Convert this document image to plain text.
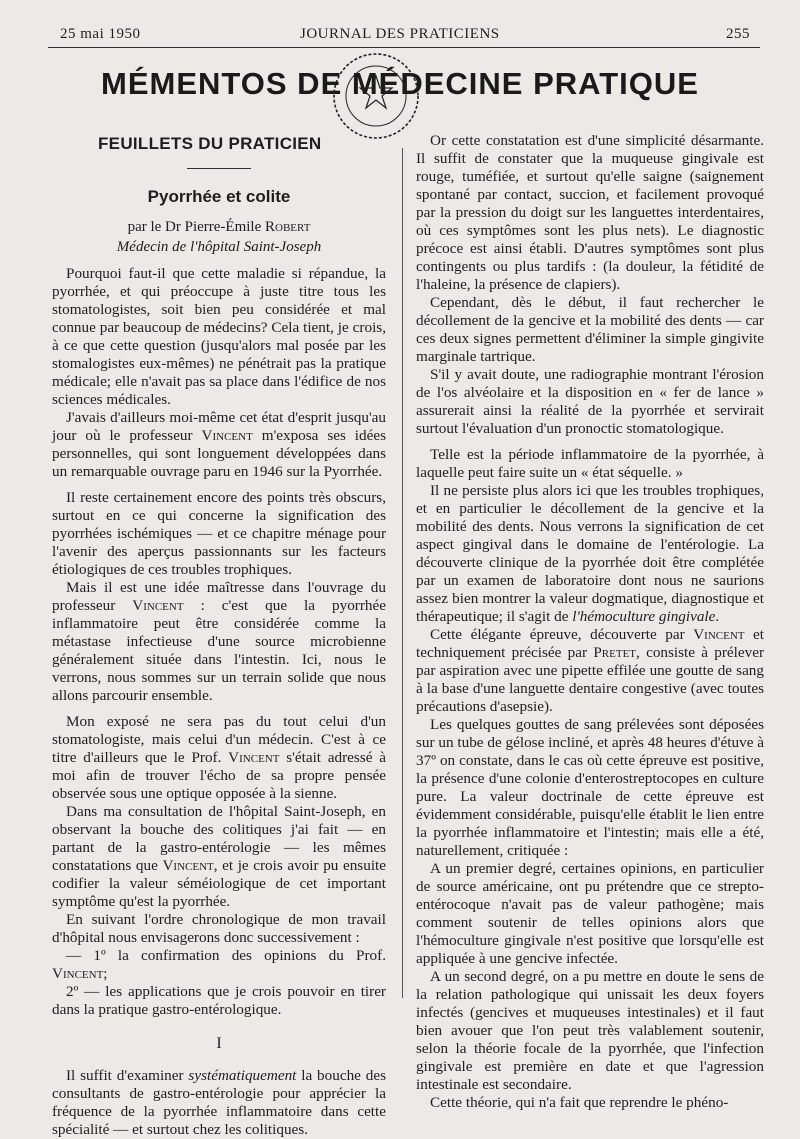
25 mai 1950	JOURNAL DES PRATICIENS	255
MÉMENTOS DE MÉDECINE PRATIQUE
FEUILLETS DU PRATICIEN
Pyorrhée et colite
par le Dr Pierre-Émile Robert
Médecin de l'hôpital Saint-Joseph

Pourquoi faut-il que cette maladie si répandue, la pyorrhée, et qui préoccupe à juste titre tous les stomatologistes, soit bien peu considérée et mal connue par beaucoup de médecins? Cela tient, je crois, à ce que cette question (jusqu'alors mal posée par les stomalogistes eux-mêmes) ne pénétrait pas la pratique médicale; elle n'avait pas sa place dans l'édifice de nos sciences médicales.

J'avais d'ailleurs moi-même cet état d'esprit jusqu'au jour où le professeur Vincent m'exposa ses idées personnelles, qui sont longuement développées dans un remarquable ouvrage paru en 1946 sur la Pyorrhée.

Il reste certainement encore des points très obscurs, surtout en ce qui concerne la signification des pyorrhées ischémiques — et ce chapitre ménage pour l'avenir des aperçus passionnants sur les facteurs étiologiques de ces troubles trophiques.

Mais il est une idée maîtresse dans l'ouvrage du professeur Vincent : c'est que la pyorrhée inflammatoire peut être considérée comme la métastase infectieuse d'une source microbienne généralement située dans l'intestin. Ici, nous le verrons, nous sommes sur un terrain solide que nous allons parcourir ensemble.

Mon exposé ne sera pas du tout celui d'un stomatologiste, mais celui d'un médecin. C'est à ce titre d'ailleurs que le Prof. Vincent s'était adressé à moi afin de trouver l'écho de sa propre pensée observée sous une optique opposée à la sienne.

Dans ma consultation de l'hôpital Saint-Joseph, en observant la bouche des colitiques j'ai fait — en partant de la gastro-entérologie — les mêmes constatations que Vincent, et je crois avoir pu ensuite codifier la valeur séméiologique de cet important symptôme qu'est la pyorrhée.

En suivant l'ordre chronologique de mon travail d'hôpital nous envisagerons donc successivement :

— 1º la confirmation des opinions du Prof. Vincent;

2º — les applications que je crois pouvoir en tirer dans la pratique gastro-entérologique.

I

Il suffit d'examiner systématiquement la bouche des consultants de gastro-entérologie pour apprécier la fréquence de la pyorrhée inflammatoire dans cette spécialité — et surtout chez les colitiques.

Or cette constatation est d'une simplicité désarmante. Il suffit de constater que la muqueuse gingivale est rouge, tuméfiée, et surtout qu'elle saigne (saignement spontané par contact, succion, et facilement provoqué par la pression du doigt sur les languettes interdentaires, où ces symptômes sont les plus nets). Le diagnostic précoce est ainsi établi. D'autres symptômes sont plus contingents ou plus tardifs : (la douleur, la fétidité de l'haleine, la présence de clapiers).

Cependant, dès le début, il faut rechercher le décollement de la gencive et la mobilité des dents — car ces deux signes permettent d'éliminer la simple gingivite marginale tartrique.

S'il y avait doute, une radiographie montrant l'érosion de l'os alvéolaire et la disposition en « fer de lance » assurerait ainsi la réalité de la pyorrhée et servirait surtout l'évaluation d'un pronoctic stomatologique.

Telle est la période inflammatoire de la pyorrhée, à laquelle peut faire suite un « état séquelle. »

Il ne persiste plus alors ici que les troubles trophiques, et en particulier le décollement de la gencive et la mobilité des dents. Nous verrons la signification de cet aspect gingival dans le domaine de l'entérologie. La découverte clinique de la pyorrhée doit être complétée par un examen de laboratoire dont nous ne saurions assez bien montrer la valeur dogmatique, diagnostique et thérapeutique; il s'agit de l'hémoculture gingivale.

Cette élégante épreuve, découverte par Vincent et techniquement précisée par Pretet, consiste à prélever par aspiration avec une pipette effilée une goutte de sang à la base d'une languette dentaire congestive (avec toutes précautions d'asepsie).

Les quelques gouttes de sang prélevées sont déposées sur un tube de gélose incliné, et après 48 heures d'étuve à 37º on constate, dans le cas où cette épreuve est positive, la présence d'une colonie d'enterostreptocopes en culture pure. La valeur doctrinale de cette épreuve est évidemment considérable, puisqu'elle établit le lien entre la pyorrhée inflammatoire et l'intestin; mais elle a été, naturellement, critiquée :

A un premier degré, certaines opinions, en particulier de source américaine, ont pu prétendre que ce strepto-entérocoque n'avait pas de valeur pathogène; mais comment soutenir de telles opinions alors que l'hémoculture gingivale n'est positive que lorsqu'elle est appliquée à une gencive infectée.

A un second degré, on a pu mettre en doute le sens de la relation pathologique qui unissait les deux foyers infectés (gencives et muqueuses intestinales) et il faut bien avouer que l'on peut très valablement soutenir, selon la théorie focale de la pyorrhée, que l'infection gingivale est première en date et que l'agression intestinale est secondaire.

Cette théorie, qui n'a fait que reprendre le phéno-
